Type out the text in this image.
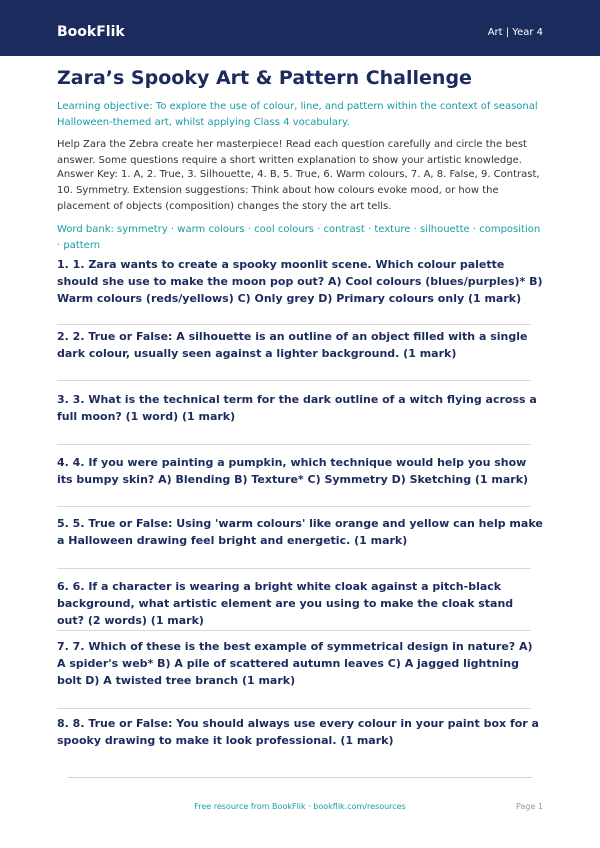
BookFlik	Art | Year 4
Zara’s Spooky Art & Pattern Challenge

Learning objective: To explore the use of colour, line, and pattern within the context of seasonal Halloween-themed art, whilst applying Class 4 vocabulary.

Help Zara the Zebra create her masterpiece! Read each question carefully and circle the best answer. Some questions require a short written explanation to show your artistic knowledge.

Answer Key: 1. A, 2. True, 3. Silhouette, 4. B, 5. True, 6. Warm colours, 7. A, 8. False, 9. Contrast, 10. Symmetry. Extension suggestions: Think about how colours evoke mood, or how the placement of objects (composition) changes the story the art tells.

Word bank: symmetry · warm colours · cool colours · contrast · texture · silhouette · composition · pattern

1. 1. Zara wants to create a spooky moonlit scene. Which colour palette should she use to make the moon pop out? A) Cool colours (blues/purples)* B) Warm colours (reds/yellows) C) Only grey D) Primary colours only (1 mark)
2. 2. True or False: A silhouette is an outline of an object filled with a single dark colour, usually seen against a lighter background. (1 mark)
3. 3. What is the technical term for the dark outline of a witch flying across a full moon? (1 word) (1 mark)
4. 4. If you were painting a pumpkin, which technique would help you show its bumpy skin? A) Blending B) Texture* C) Symmetry D) Sketching (1 mark)
5. 5. True or False: Using 'warm colours' like orange and yellow can help make a Halloween drawing feel bright and energetic. (1 mark)
6. 6. If a character is wearing a bright white cloak against a pitch-black background, what artistic element are you using to make the cloak stand out? (2 words) (1 mark)
7. 7. Which of these is the best example of symmetrical design in nature? A) A spider's web* B) A pile of scattered autumn leaves C) A jagged lightning bolt D) A twisted tree branch (1 mark)
8. 8. True or False: You should always use every colour in your paint box for a spooky drawing to make it look professional. (1 mark)
Free resource from BookFlik · bookflik.com/resources	Page 1
